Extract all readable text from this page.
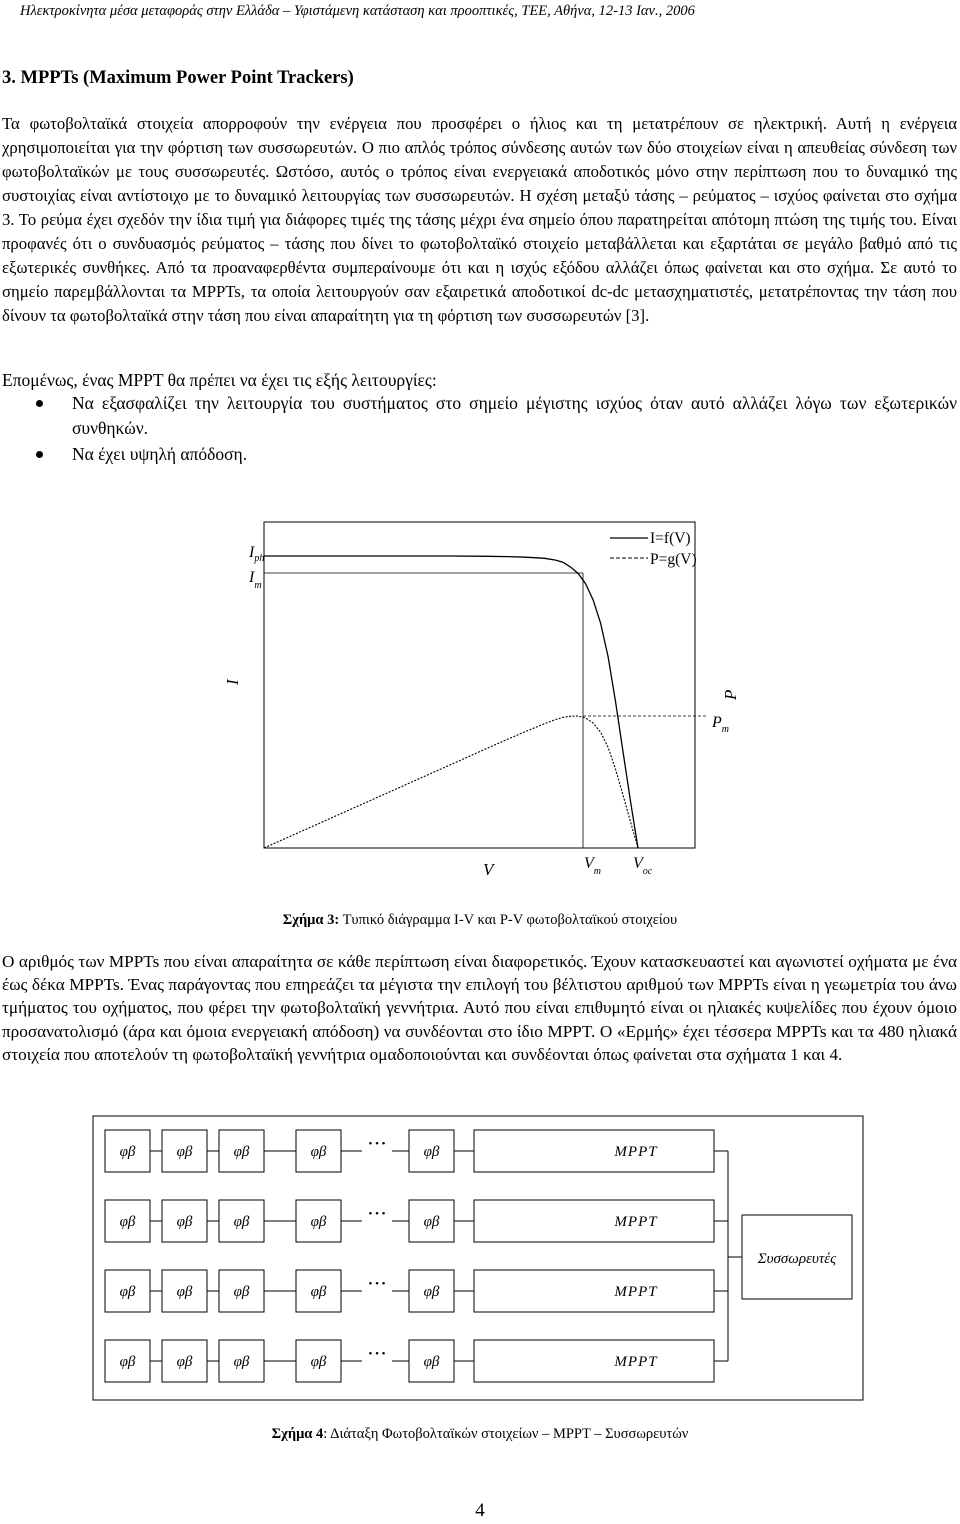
Ηλεκτροκίνητα μέσα μεταφοράς στην Ελλάδα – Υφιστάμενη κατάσταση και προοπτικές, ΤΕΕ, Αθήνα, 12-13 Ιαν., 2006
3. MPPTs (Maximum Power Point Trackers)
Τα φωτοβολταϊκά στοιχεία απορροφούν την ενέργεια που προσφέρει ο ήλιος και τη μετατρέπουν σε ηλεκτρική. Αυτή η ενέργεια χρησιμοποιείται για την φόρτιση των συσσωρευτών. Ο πιο απλός τρόπος σύνδεσης αυτών των δύο στοιχείων είναι η απευθείας σύνδεση των φωτοβολταϊκών με τους συσσωρευτές. Ωστόσο, αυτός ο τρόπος είναι ενεργειακά αποδοτικός μόνο στην περίπτωση που το δυναμικό της συστοιχίας είναι αντίστοιχο με το δυναμικό λειτουργίας των συσσωρευτών. Η σχέση μεταξύ τάσης – ρεύματος – ισχύος φαίνεται στο σχήμα 3. Το ρεύμα έχει σχεδόν την ίδια τιμή για διάφορες τιμές της τάσης μέχρι ένα σημείο όπου παρατηρείται απότομη πτώση της τιμής του. Είναι προφανές ότι ο συνδυασμός ρεύματος – τάσης που δίνει το φωτοβολταϊκό στοιχείο μεταβάλλεται και εξαρτάται σε μεγάλο βαθμό από τις εξωτερικές συνθήκες. Από τα προαναφερθέντα συμπεραίνουμε ότι και η ισχύς εξόδου αλλάζει όπως φαίνεται και στο σχήμα. Σε αυτό το σημείο παρεμβάλλονται τα MPPTs, τα οποία λειτουργούν σαν εξαιρετικά αποδοτικοί dc-dc μετασχηματιστές, μετατρέποντας την τάση που δίνουν τα φωτοβολταϊκά στην τάση που είναι απαραίτητη για τη φόρτιση των συσσωρευτών [3].
Επομένως, ένας MPPT θα πρέπει να έχει τις εξής λειτουργίες:
Να εξασφαλίζει την λειτουργία του συστήματος στο σημείο μέγιστης ισχύος όταν αυτό αλλάζει λόγω των εξωτερικών συνθηκών.
Να έχει υψηλή απόδοση.
I=f(V)
P=g(V)
$I_{ph}$
$I_m$
I
P
$P_m$
V	$V_m$ $V_{oc}$
Σχήμα 3: Τυπικό διάγραμμα I-V και P-V φωτοβολταϊκού στοιχείου
Ο αριθμός των MPPTs που είναι απαραίτητα σε κάθε περίπτωση είναι διαφορετικός. Έχουν κατασκευαστεί και αγωνιστεί οχήματα με ένα έως δέκα MPPTs. Ένας παράγοντας που επηρεάζει τα μέγιστα την επιλογή του βέλτιστου αριθμού των MPPTs είναι η γεωμετρία του άνω τμήματος του οχήματος, που φέρει την φωτοβολταϊκή γεννήτρια. Αυτό που είναι επιθυμητό είναι οι ηλιακές κυψελίδες που έχουν όμοιο προσανατολισμό (άρα και όμοια ενεργειακή απόδοση) να συνδέονται στο ίδιο MPPT. Ο «Ερμής» έχει τέσσερα MPPTs και τα 480 ηλιακά στοιχεία που αποτελούν τη φωτοβολταϊκή γεννήτρια ομαδοποιούνται και συνδέονται όπως φαίνεται στα σχήματα 1 και 4.
φβ	φβ	φβ	φβ	φβ
• • •	MPPT
φβ	φβ	φβ	φβ	φβ
• • •	MPPT
φβ	φβ	φβ	φβ	φβ
• • •	MPPT
φβ	φβ	φβ	φβ	φβ
• • •	MPPT
Συσσωρευτές
Σχήμα 4: Διάταξη Φωτοβολταϊκών στοιχείων – MPPT – Συσσωρευτών
4
